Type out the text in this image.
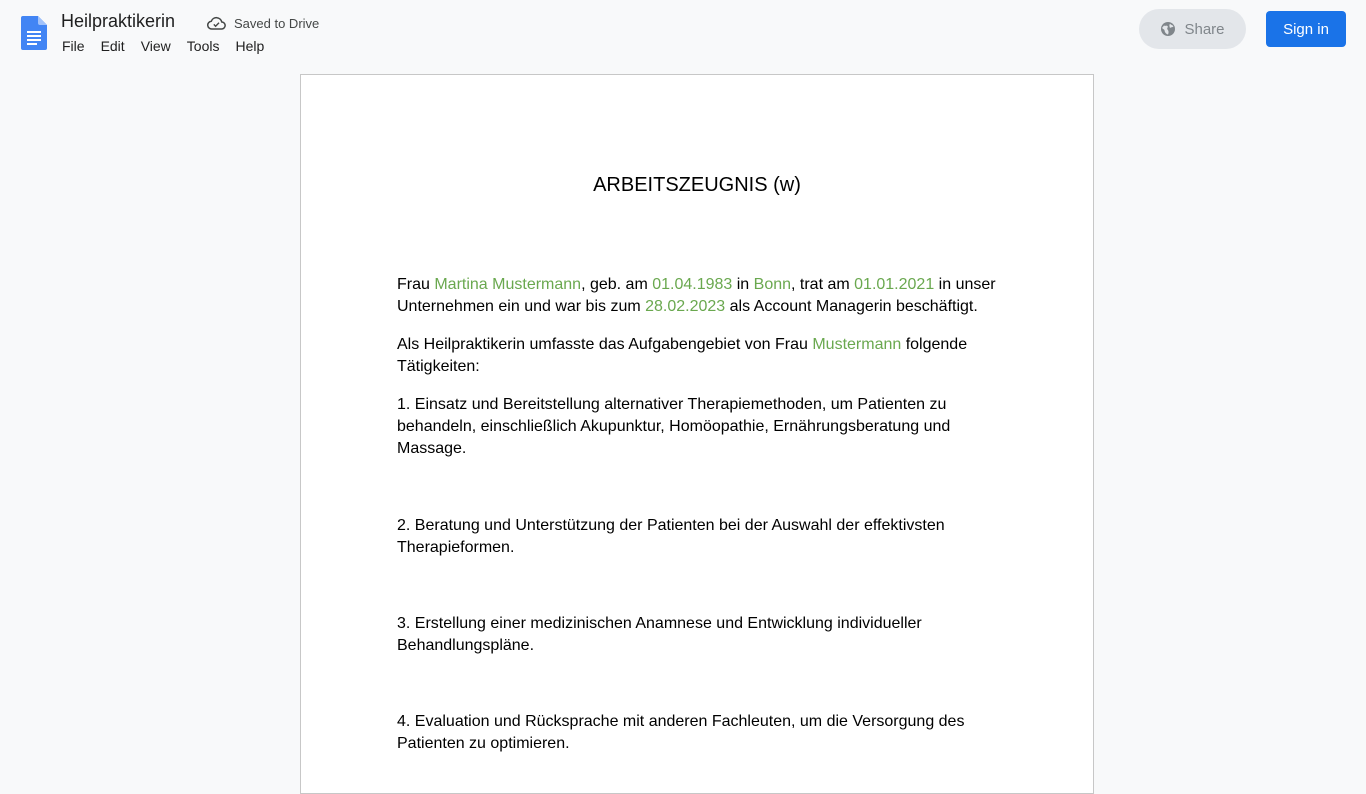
Heilpraktikerin	Saved to Drive
File	Edit	View	Tools	Help
Share	Sign in
ARBEITSZEUGNIS (w)

Frau Martina Mustermann, geb. am 01.04.1983 in Bonn, trat am 01.01.2021 in unser Unternehmen ein und war bis zum 28.02.2023 als Account Managerin beschäftigt.

Als Heilpraktikerin umfasste das Aufgabengebiet von Frau Mustermann folgende Tätigkeiten:

1. Einsatz und Bereitstellung alternativer Therapiemethoden, um Patienten zu behandeln, einschließlich Akupunktur, Homöopathie, Ernährungsberatung und Massage.

2. Beratung und Unterstützung der Patienten bei der Auswahl der effektivsten Therapieformen.

3. Erstellung einer medizinischen Anamnese und Entwicklung individueller Behandlungspläne.

4. Evaluation und Rücksprache mit anderen Fachleuten, um die Versorgung des Patienten zu optimieren.
